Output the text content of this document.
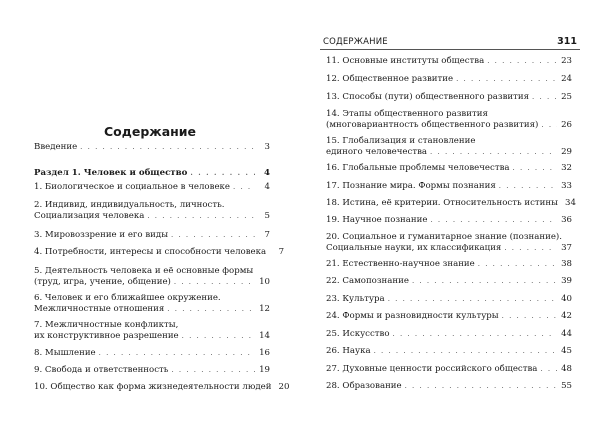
Содержание
Введение . . .	3
Раздел 1. Человек и общество . . .	4
1. Биологическое и социальное в человеке . . .	4
2. Индивид, индивидуальность, личность.
Социализация человека . . .	5
3. Мировоззрение и его виды . . .	7
4. Потребности, интересы и способности человека	7
5. Деятельность человека и её основные формы
(труд, игра, учение, общение) . . .	10
6. Человек и его ближайшее окружение.
Межличностные отношения . . .	12
7. Межличностные конфликты,
их конструктивное разрешение . . .	14
8. Мышление . . .	16
9. Свобода и ответственность . . .	19
10. Общество как форма жизнедеятельности людей 20
СОДЕРЖАНИЕ	311
11. Основные институты общества . . .	23
12. Общественное развитие . . .	24
13. Способы (пути) общественного развития . . .	25
14. Этапы общественного развития
(многовариантность общественного развития) . . .	26
15. Глобализация и становление
единого человечества . . .	29
16. Глобальные проблемы человечества . . .	32
17. Познание мира. Формы познания . . .	33
18. Истина, её критерии. Относительность истины 34
19. Научное познание . . .	36
20. Социальное и гуманитарное знание (познание).
Социальные науки, их классификация . . .	37
21. Естественно-научное знание . . .	38
22. Самопознание . . .	39
23. Культура . . .	40
24. Формы и разновидности культуры . . .	42
25. Искусство . . .	44
26. Наука . . .	45
27. Духовные ценности российского общества . . .	48
28. Образование . . .	55
